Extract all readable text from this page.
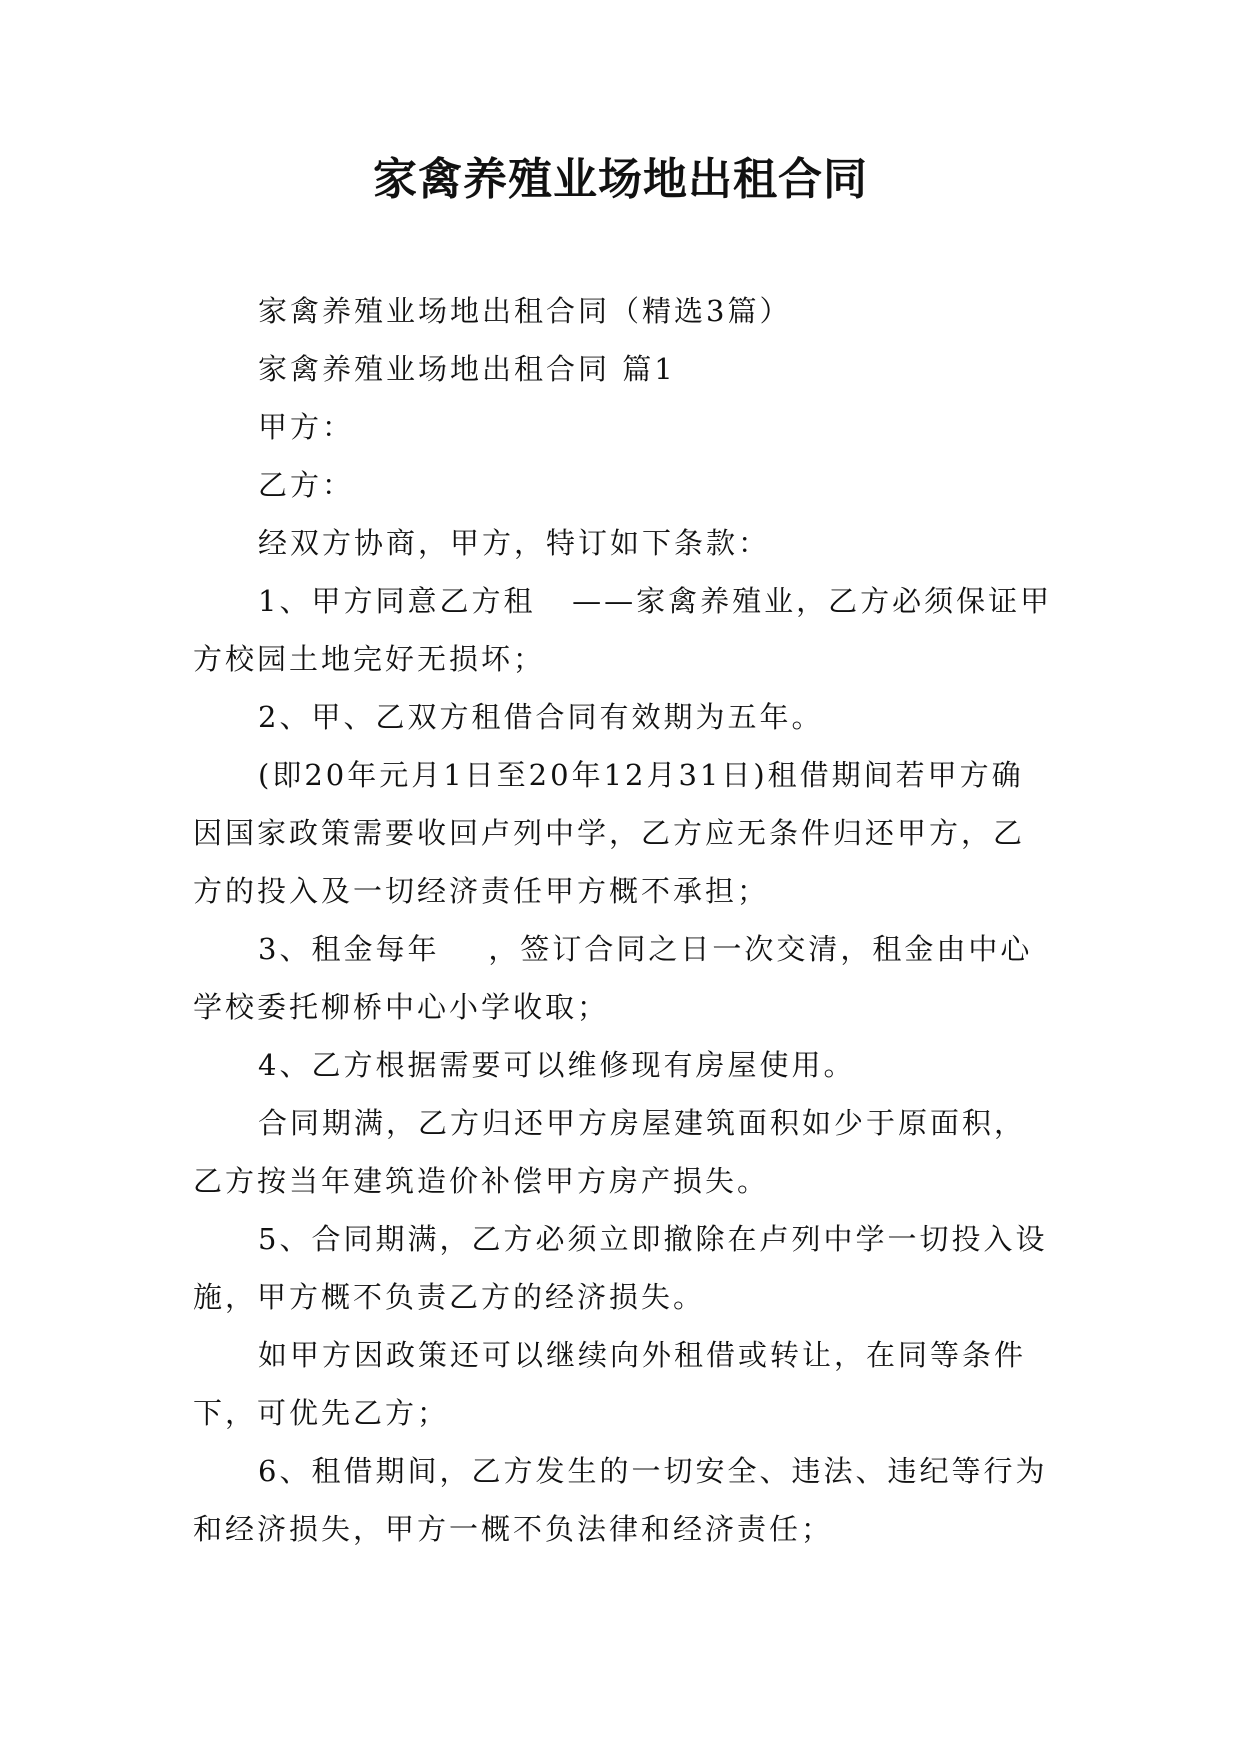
家禽养殖业场地出租合同

家禽养殖业场地出租合同（精选3篇）

家禽养殖业场地出租合同 篇1

甲方：

乙方：

经双方协商，甲方，特订如下条款：

1、甲方同意乙方租   ——家禽养殖业，乙方必须保证甲方校园土地完好无损坏；

2、甲、乙双方租借合同有效期为五年。

(即20年元月1日至20年12月31日)租借期间若甲方确因国家政策需要收回卢列中学，乙方应无条件归还甲方，乙方的投入及一切经济责任甲方概不承担；

3、租金每年    ，签订合同之日一次交清，租金由中心学校委托柳桥中心小学收取；

4、乙方根据需要可以维修现有房屋使用。

合同期满，乙方归还甲方房屋建筑面积如少于原面积，乙方按当年建筑造价补偿甲方房产损失。

5、合同期满，乙方必须立即撤除在卢列中学一切投入设施，甲方概不负责乙方的经济损失。

如甲方因政策还可以继续向外租借或转让，在同等条件下，可优先乙方；

6、租借期间，乙方发生的一切安全、违法、违纪等行为和经济损失，甲方一概不负法律和经济责任；
